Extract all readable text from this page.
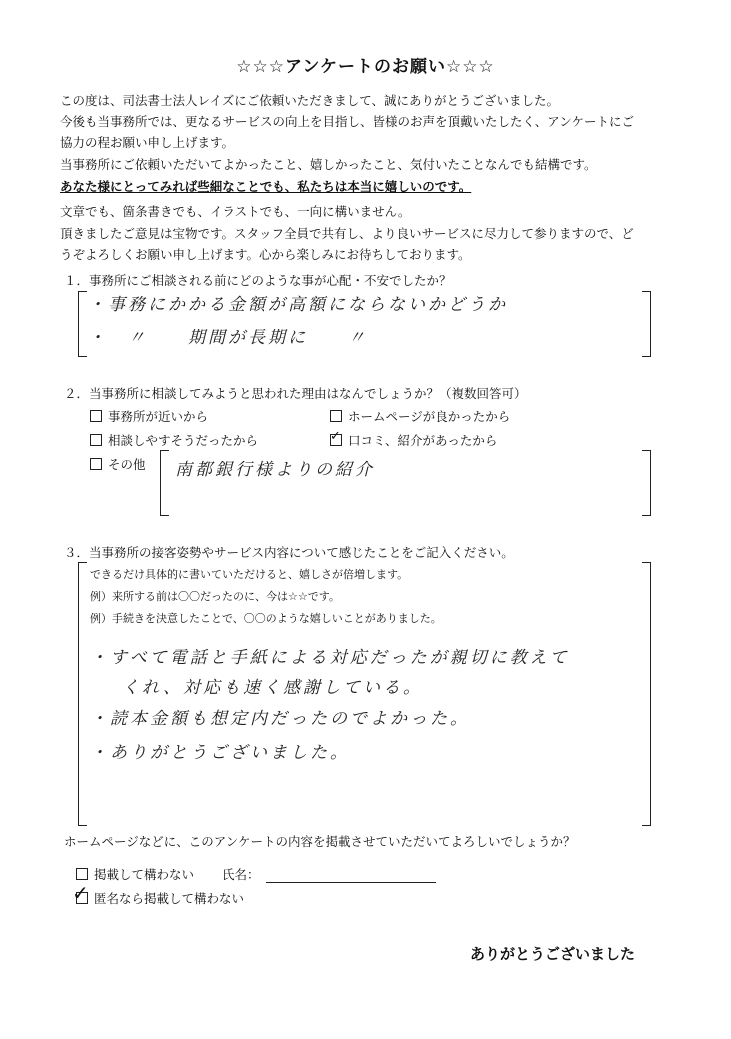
☆☆☆アンケートのお願い☆☆☆
この度は、司法書士法人レイズにご依頼いただきまして、誠にありがとうございました。
今後も当事務所では、更なるサービスの向上を目指し、皆様のお声を頂戴いたしたく、アンケートにご
協力の程お願い申し上げます。
当事務所にご依頼いただいてよかったこと、嬉しかったこと、気付いたことなんでも結構です。
あなた様にとってみれば些細なことでも、私たちは本当に嬉しいのです。
文章でも、箇条書きでも、イラストでも、一向に構いません。
頂きましたご意見は宝物です。スタッフ全員で共有し、より良いサービスに尽力して参りますので、ど
うぞよろしくお願い申し上げます。心から楽しみにお待ちしております。
１．事務所にご相談される前にどのような事が心配・不安でしたか？
・事務にかかる金額が高額にならないかどうか
・　〃　　期間が長期に　　〃
２．当事務所に相談してみようと思われた理由はなんでしょうか？（複数回答可）
事務所が近いから	ホームページが良かったから
相談しやすそうだったから
✓	口コミ、紹介があったから
その他 南都銀行様よりの紹介
３．当事務所の接客姿勢やサービス内容について感じたことをご記入ください。
できるだけ具体的に書いていただけると、嬉しさが倍増します。
例）来所する前は〇〇だったのに、今は☆☆です。
例）手続きを決意したことで、〇〇のような嬉しいことがありました。
・すべて電話と手紙による対応だったが親切に教えて
くれ、対応も速く感謝している。
・読本金額も想定内だったのでよかった。
・ありがとうございました。
ホームページなどに、このアンケートの内容を掲載させていただいてよろしいでしょうか？
掲載して構わない 氏名：
✓匿名なら掲載して構わない
ありがとうございました
